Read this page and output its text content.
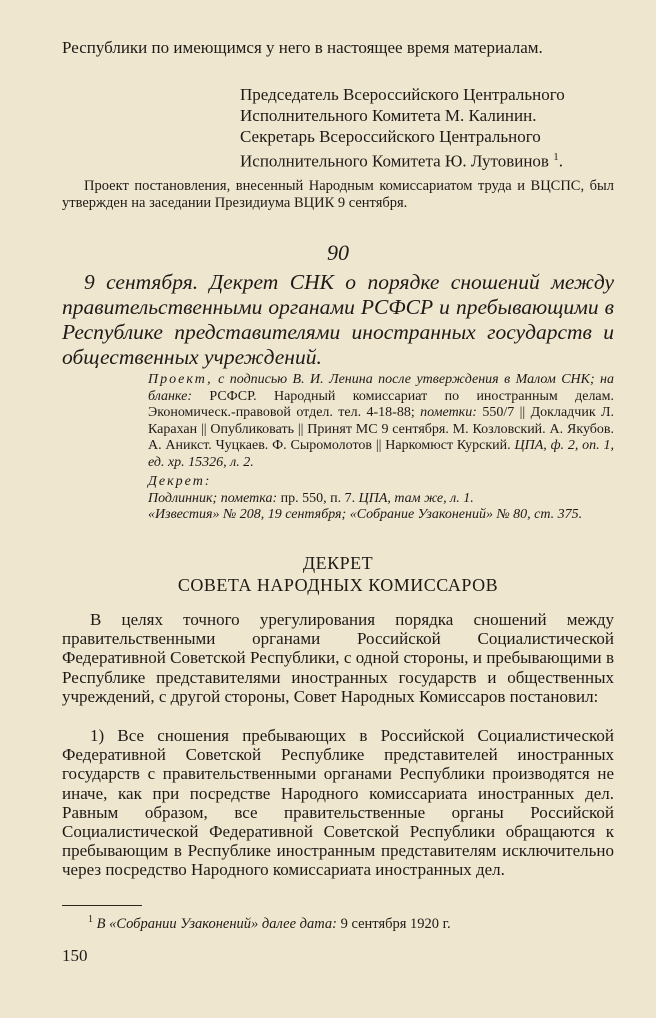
Республики по имеющимся у него в настоящее время материалам.

Председатель Всероссийского Центрального
Исполнительного Комитета М. Калинин.
Секретарь Всероссийского Центрального
Исполнительного Комитета Ю. Лутовинов $^1$.

Проект постановления, внесенный Народным комиссариатом труда и ВЦСПС, был утвержден на заседании Президиума ВЦИК 9 сентября.

90

9 сентября. Декрет СНК о порядке сношений между правительственными органами РСФСР и пребывающими в Республике представителями иностранных государств и общественных учреждений.

Проект, с подписью В. И. Ленина после утверждения в Малом СНК; на бланке: РСФСР. Народный комиссариат по иностранным делам. Экономическ.-правовой отдел. тел. 4-18-88; пометки: 550/7 || Докладчик Л. Карахан || Опубликовать || Принят МС 9 сентября. М. Козловский. А. Якубов. А. Аникст. Чуцкаев. Ф. Сыромолотов || Наркомюст Курский. ЦПА, ф. 2, оп. 1, ед. хр. 15326, л. 2.
Декрет:
Подлинник; пометка: пр. 550, п. 7. ЦПА, там же, л. 1.
«Известия» № 208, 19 сентября; «Собрание Узаконений» № 80, ст. 375.

ДЕКРЕТ

СОВЕТА НАРОДНЫХ КОМИССАРОВ

В целях точного урегулирования порядка сношений между правительственными органами Российской Социалистической Федеративной Советской Республики, с одной стороны, и пребывающими в Республике представителями иностранных государств и общественных учреждений, с другой стороны, Совет Народных Комиссаров постановил:

1) Все сношения пребывающих в Российской Социалистической Федеративной Советской Республике представителей иностранных государств с правительственными органами Республики производятся не иначе, как при посредстве Народного комиссариата иностранных дел. Равным образом, все правительственные органы Российской Социалистической Федеративной Советской Республики обращаются к пребывающим в Республике иностранным представителям исключительно через посредство Народного комиссариата иностранных дел.

$^1$ В «Собрании Узаконений» далее дата: 9 сентября 1920 г.

150
